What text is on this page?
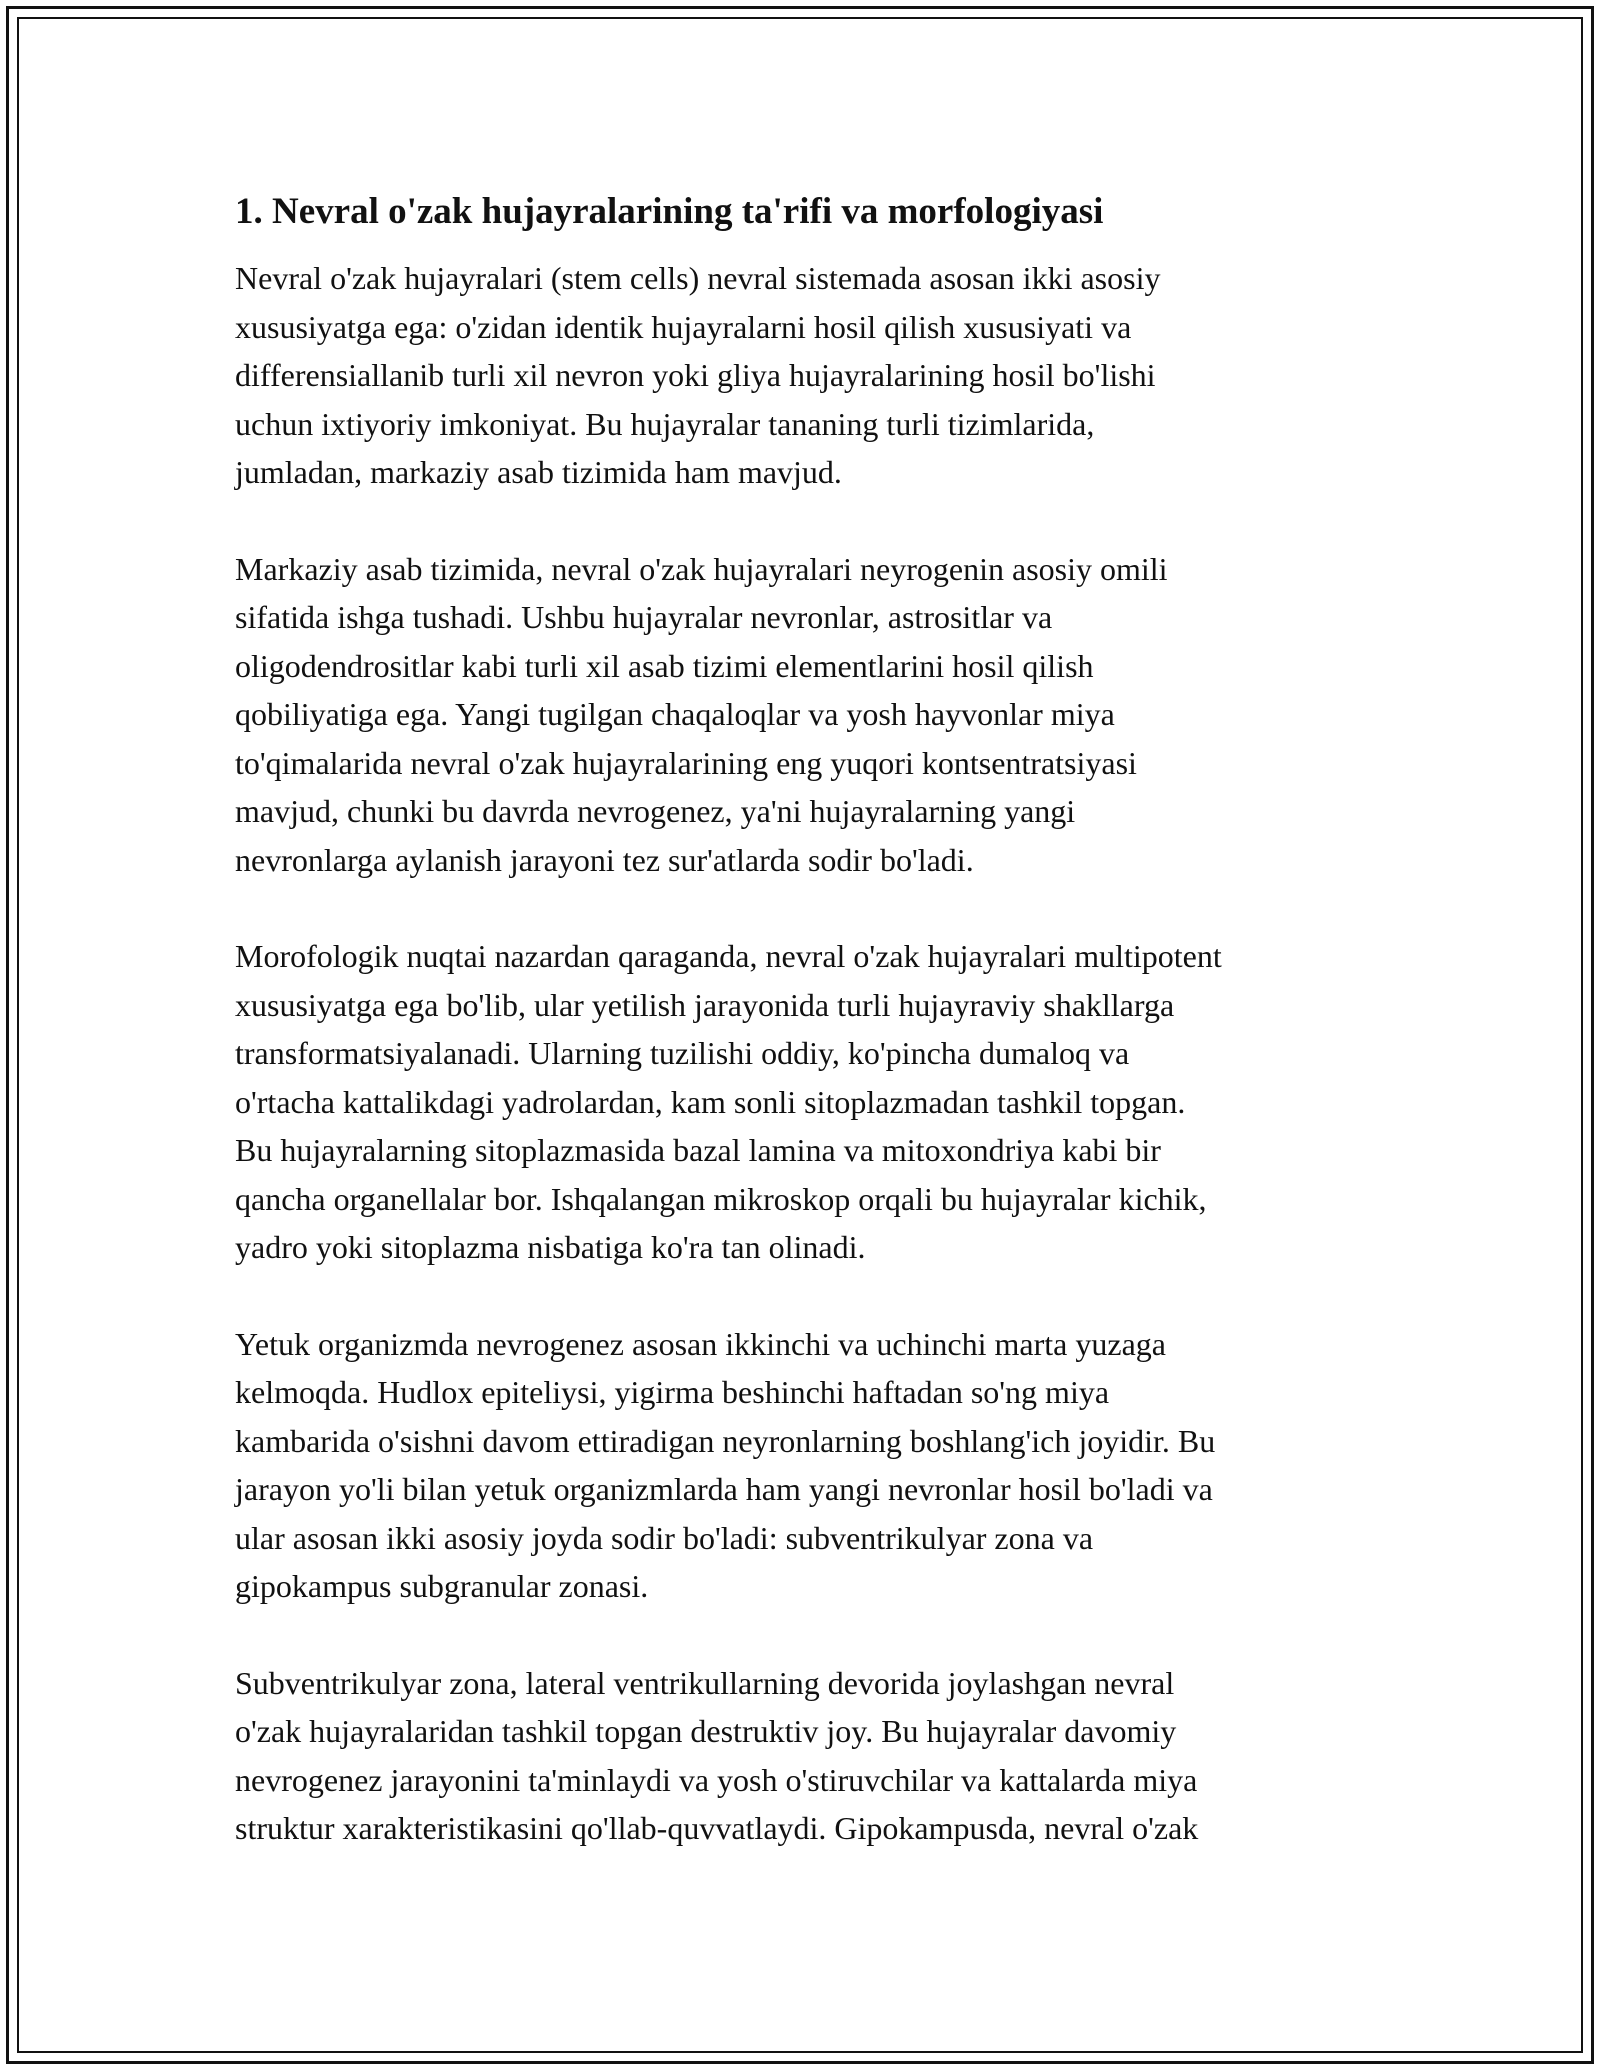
1. Nevral o'zak hujayralarining ta'rifi va morfologiyasi

Nevral o'zak hujayralari (stem cells) nevral sistemada asosan ikki asosiy
xususiyatga ega: o'zidan identik hujayralarni hosil qilish xususiyati va
differensiallanib turli xil nevron yoki gliya hujayralarining hosil bo'lishi
uchun ixtiyoriy imkoniyat. Bu hujayralar tananing turli tizimlarida,
jumladan, markaziy asab tizimida ham mavjud.

Markaziy asab tizimida, nevral o'zak hujayralari neyrogenin asosiy omili
sifatida ishga tushadi. Ushbu hujayralar nevronlar, astrositlar va
oligodendrositlar kabi turli xil asab tizimi elementlarini hosil qilish
qobiliyatiga ega. Yangi tugilgan chaqaloqlar va yosh hayvonlar miya
to'qimalarida nevral o'zak hujayralarining eng yuqori kontsentratsiyasi
mavjud, chunki bu davrda nevrogenez, ya'ni hujayralarning yangi
nevronlarga aylanish jarayoni tez sur'atlarda sodir bo'ladi.

Morofologik nuqtai nazardan qaraganda, nevral o'zak hujayralari multipotent
xususiyatga ega bo'lib, ular yetilish jarayonida turli hujayraviy shakllarga
transformatsiyalanadi. Ularning tuzilishi oddiy, ko'pincha dumaloq va
o'rtacha kattalikdagi yadrolardan, kam sonli sitoplazmadan tashkil topgan.
Bu hujayralarning sitoplazmasida bazal lamina va mitoxondriya kabi bir
qancha organellalar bor. Ishqalangan mikroskop orqali bu hujayralar kichik,
yadro yoki sitoplazma nisbatiga ko'ra tan olinadi.

Yetuk organizmda nevrogenez asosan ikkinchi va uchinchi marta yuzaga
kelmoqda. Hudlox epiteliysi, yigirma beshinchi haftadan so'ng miya
kambarida o'sishni davom ettiradigan neyronlarning boshlang'ich joyidir. Bu
jarayon yo'li bilan yetuk organizmlarda ham yangi nevronlar hosil bo'ladi va
ular asosan ikki asosiy joyda sodir bo'ladi: subventrikulyar zona va
gipokampus subgranular zonasi.

Subventrikulyar zona, lateral ventrikullarning devorida joylashgan nevral
o'zak hujayralaridan tashkil topgan destruktiv joy. Bu hujayralar davomiy
nevrogenez jarayonini ta'minlaydi va yosh o'stiruvchilar va kattalarda miya
struktur xarakteristikasini qo'llab-quvvatlaydi. Gipokampusda, nevral o'zak
